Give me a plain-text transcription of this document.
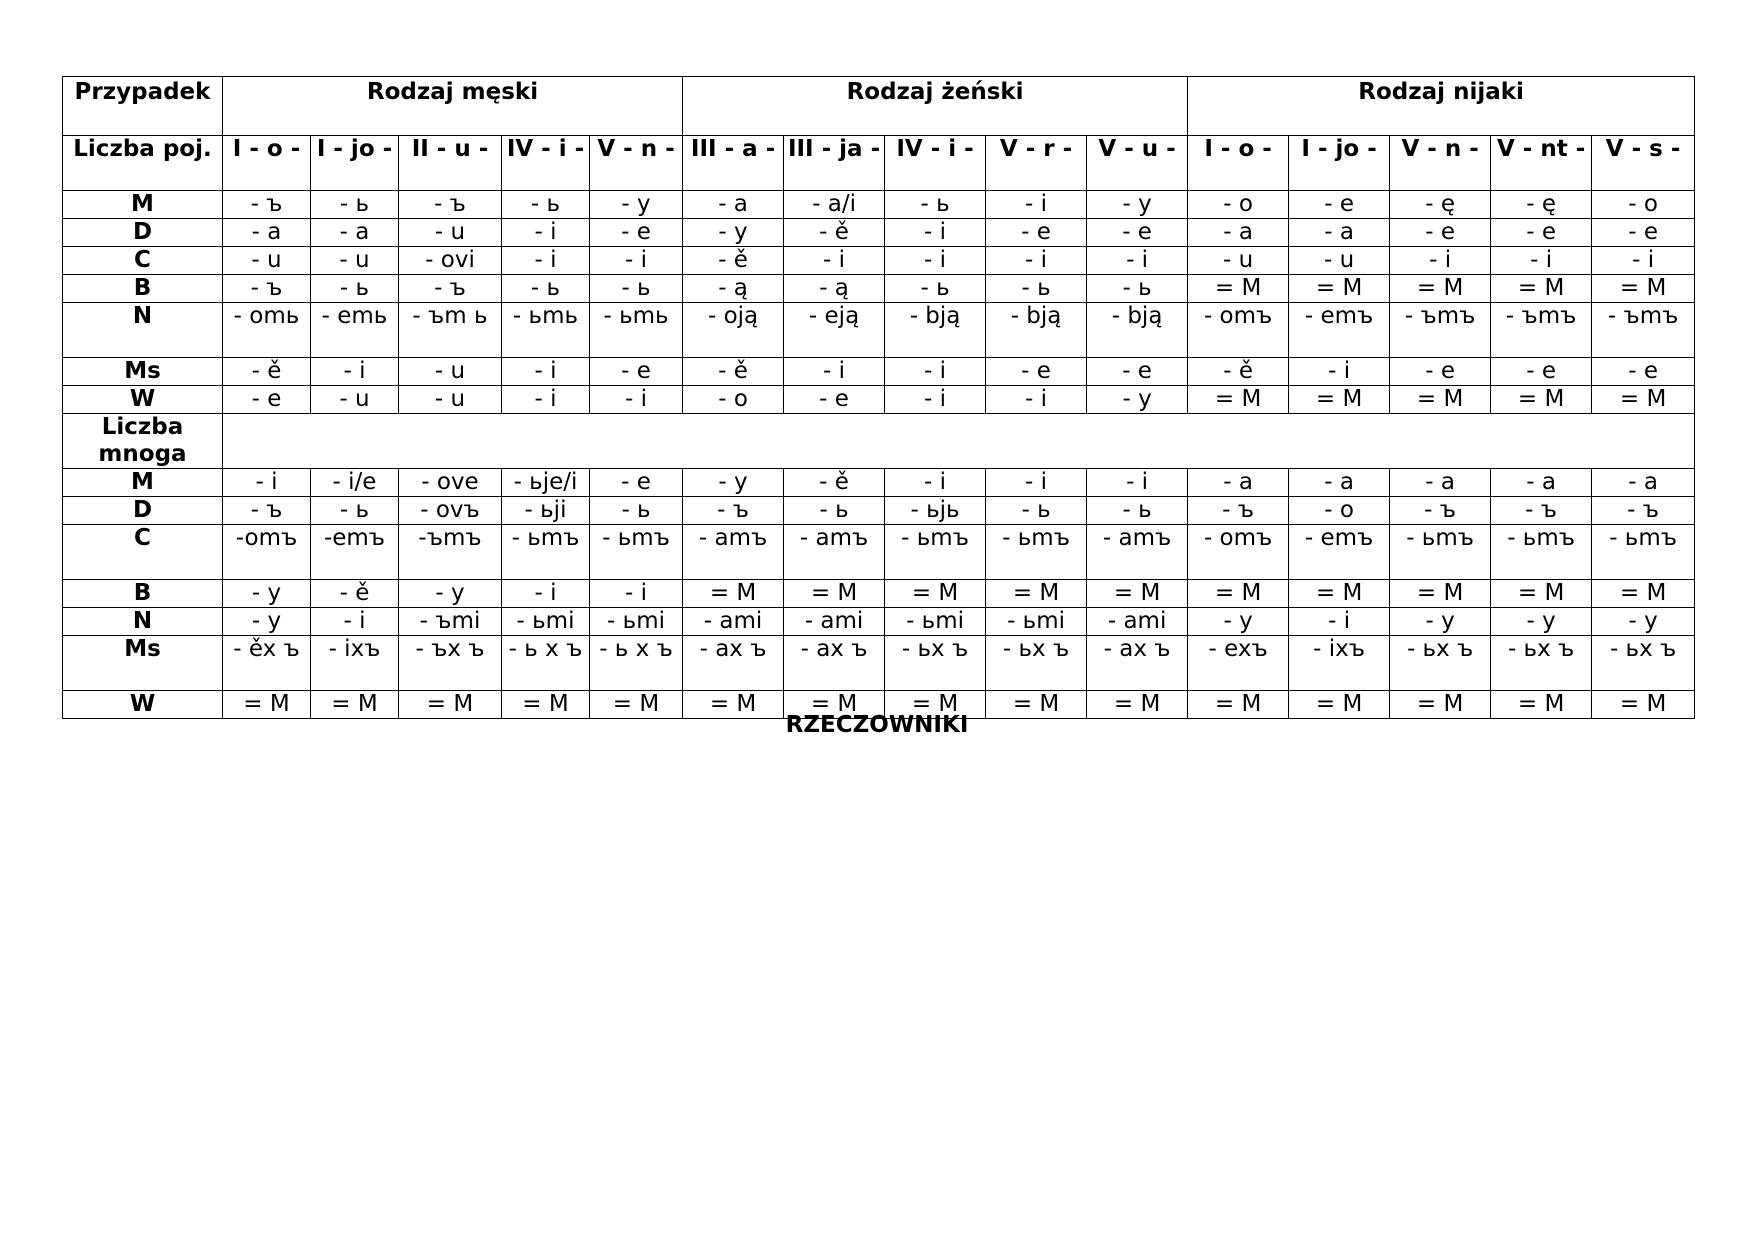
Przypadek	Rodzaj męski					Rodzaj żeński					Rodzaj nijaki				
Liczba poj.	I - o -	I - jo -	II - u -	IV - i -	V - n -	III - a -	III - ja -	IV - i -	V - r -	V - u -	I - o -	I - jo -	V - n -	V - nt -	V - s -
M	- ъ	- ь	- ъ	- ь	- y	- a	- a/i	- ь	- i	- y	- o	- e	- ę	- ę	- o
D	- a	- a	- u	- i	- e	- y	- ě	- i	- e	- e	- a	- a	- e	- e	- e
C	- u	- u	- ovi	- i	- i	- ě	- i	- i	- i	- i	- u	- u	- i	- i	- i
B	- ъ	- ь	- ъ	- ь	- ь	- ą	- ą	- ь	- ь	- ь	= M	= M	= M	= M	= M
N	- omь	- emь	- ъm ь	- ьmь	- ьmь	- oją	- eją	- bją	- bją	- bją	- omъ	- emъ	- ъmъ	- ъmъ	- ъmъ
Ms	- ě	- i	- u	- i	- e	- ě	- i	- i	- e	- e	- ě	- i	- e	- e	- e
W	- e	- u	- u	- i	- i	- o	- e	- i	- i	- y	= M	= M	= M	= M	= M
Liczba mnoga															
M	- i	- i/e	- ove	- ьje/i	- e	- y	- ě	- i	- i	- i	- a	- a	- a	- a	- a
D	- ъ	- ь	- ovъ	- ьji	- ь	- ъ	- ь	- ьjь	- ь	- ь	- ъ	- o	- ъ	- ъ	- ъ
C	-omъ	-emъ	-ъmъ	- ьmъ	- ьmъ	- amъ	- amъ	- ьmъ	- ьmъ	- amъ	- omъ	- emъ	- ьmъ	- ьmъ	- ьmъ
B	- y	- ě	- y	- i	- i	= M	= M	= M	= M	= M	= M	= M	= M	= M	= M
N	- y	- i	- ъmi	- ьmi	- ьmi	- ami	- ami	- ьmi	- ьmi	- ami	- y	- i	- y	- y	- y
Ms	- ěx ъ	- ixъ	- ъx ъ	- ь x ъ	- ь x ъ	- ax ъ	- ax ъ	- ьx ъ	- ьx ъ	- ax ъ	- exъ	- ixъ	- ьx ъ	- ьx ъ	- ьx ъ
W	= M	= M	= M	= M	= M	= M	= M	= M	= M	= M	= M	= M	= M	= M	= M
RZECZOWNIKI
